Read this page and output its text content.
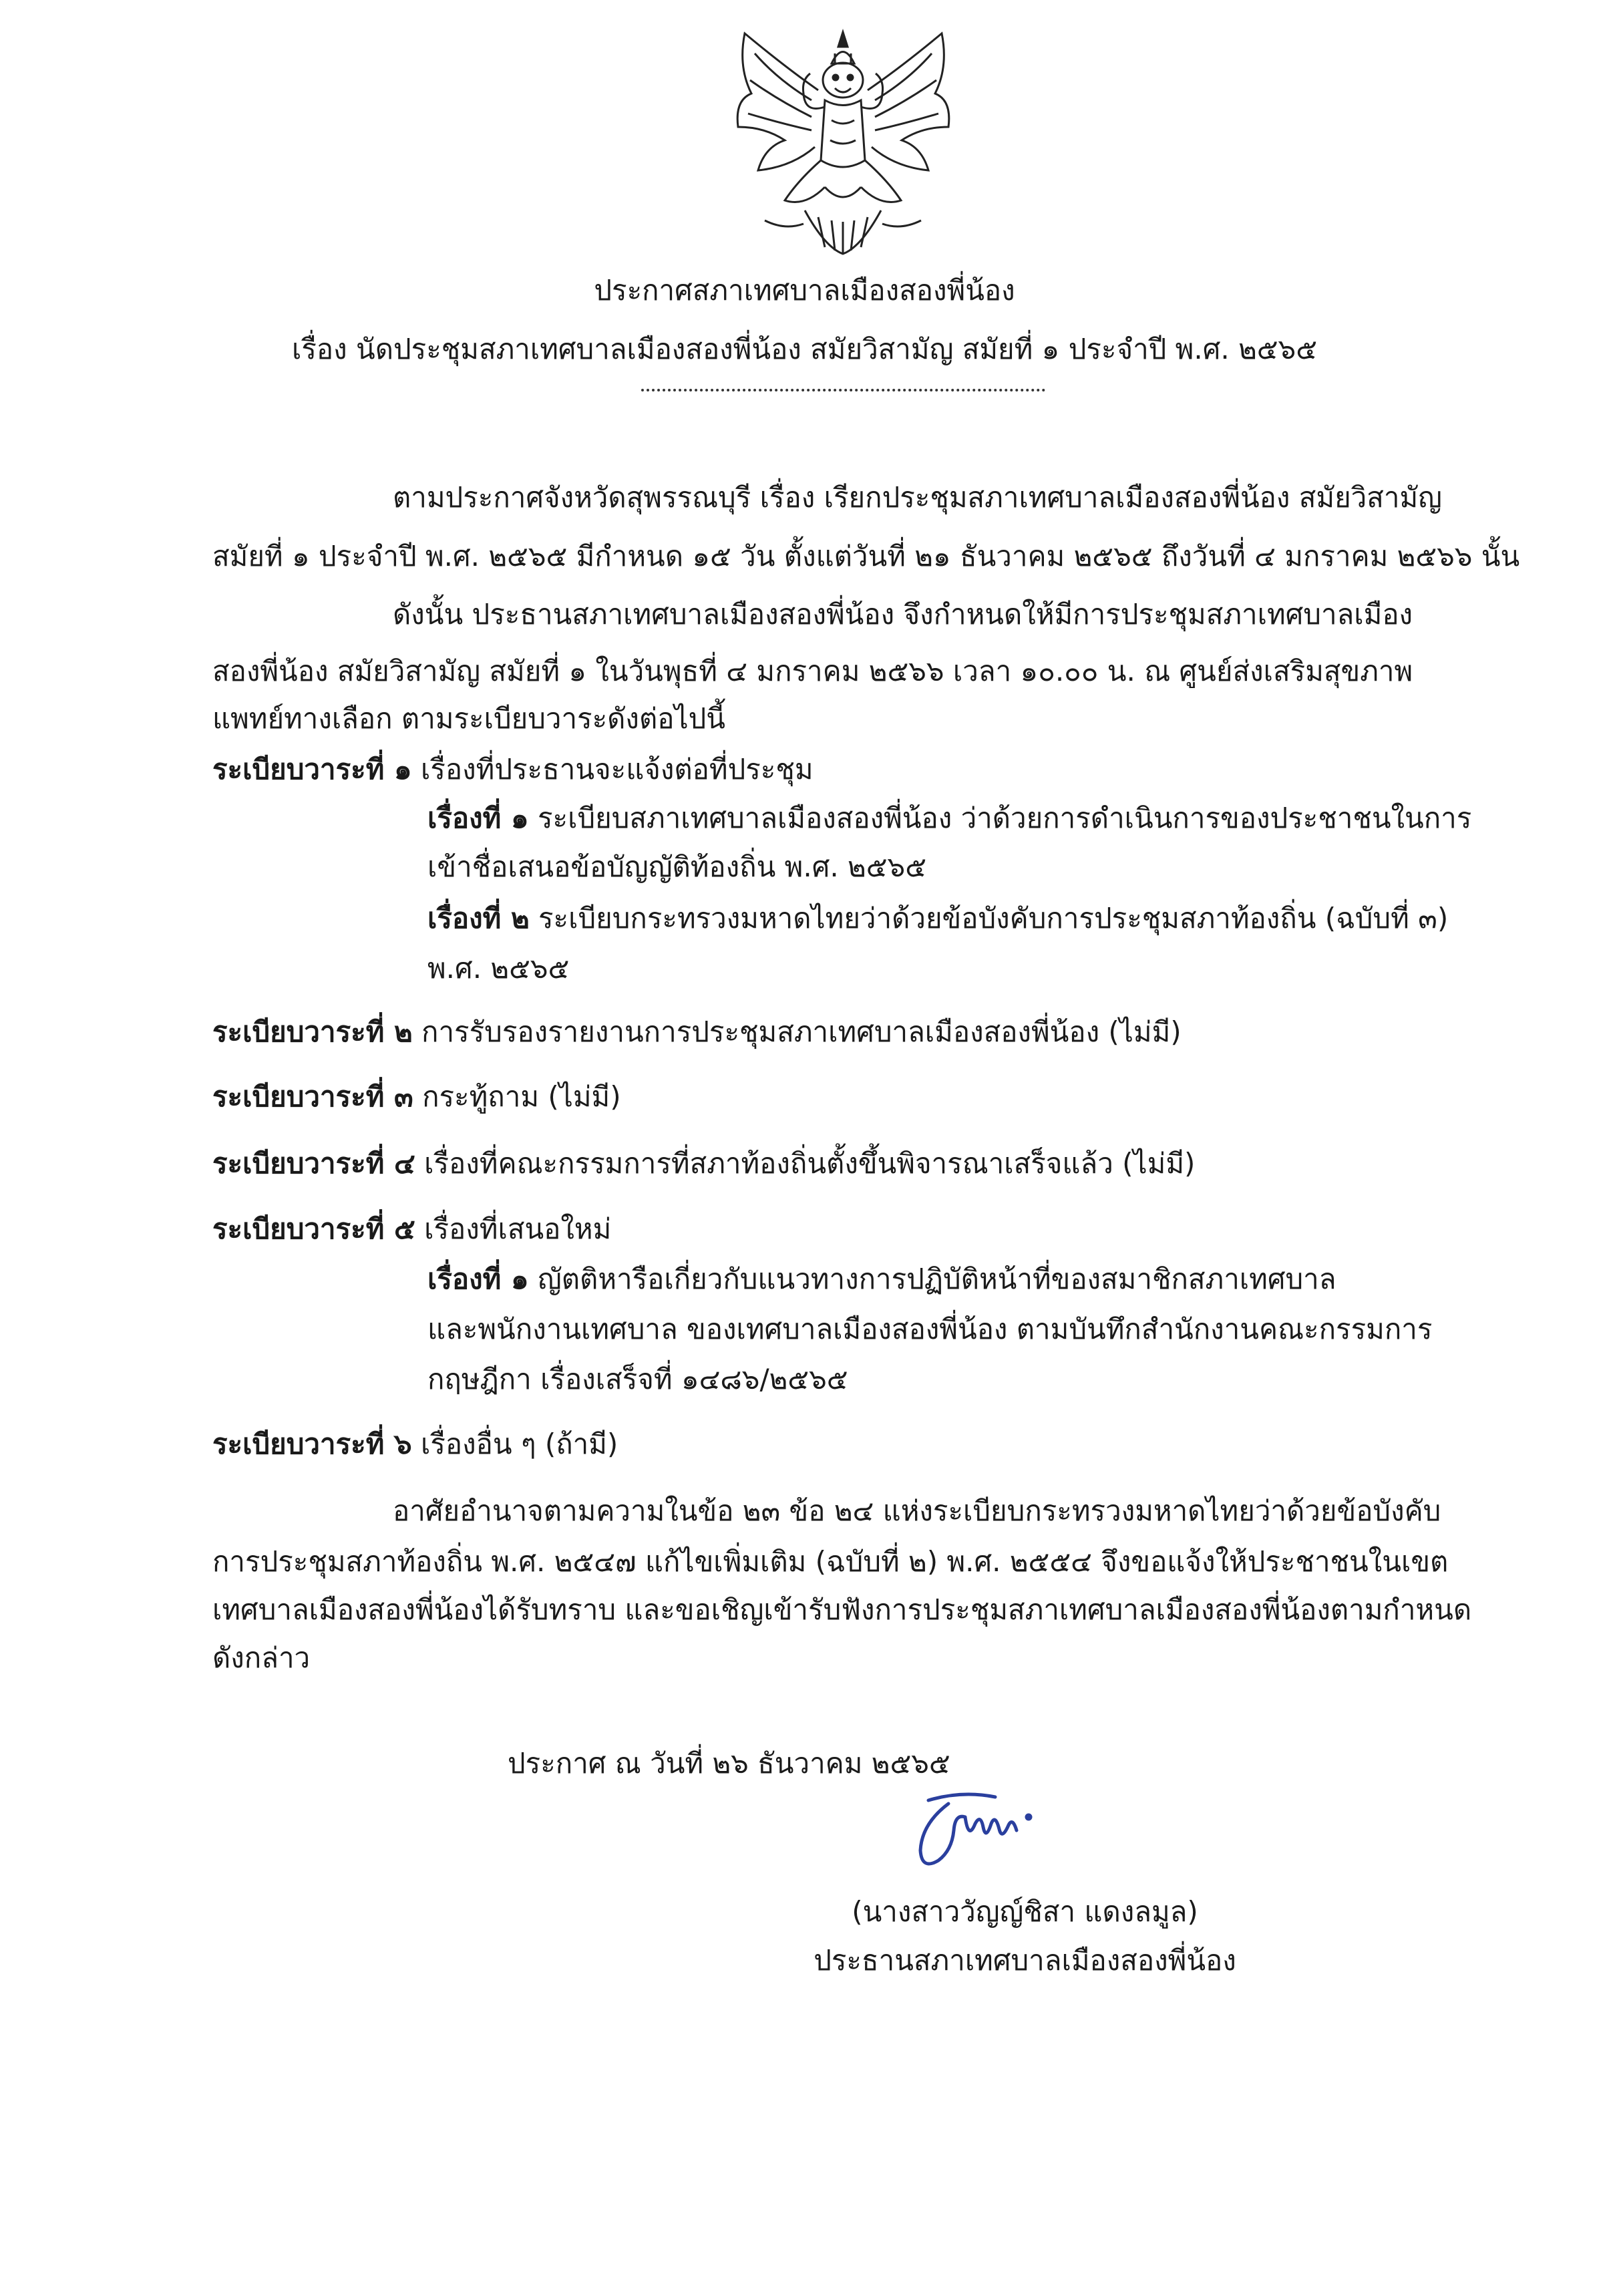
ประกาศสภาเทศบาลเมืองสองพี่น้อง
เรื่อง นัดประชุมสภาเทศบาลเมืองสองพี่น้อง สมัยวิสามัญ สมัยที่ ๑ ประจำปี พ.ศ. ๒๕๖๕
ตามประกาศจังหวัดสุพรรณบุรี เรื่อง เรียกประชุมสภาเทศบาลเมืองสองพี่น้อง สมัยวิสามัญ
สมัยที่ ๑ ประจำปี พ.ศ. ๒๕๖๕ มีกำหนด ๑๕ วัน ตั้งแต่วันที่ ๒๑ ธันวาคม ๒๕๖๕ ถึงวันที่ ๔ มกราคม ๒๕๖๖ นั้น
ดังนั้น ประธานสภาเทศบาลเมืองสองพี่น้อง จึงกำหนดให้มีการประชุมสภาเทศบาลเมือง
สองพี่น้อง สมัยวิสามัญ สมัยที่ ๑ ในวันพุธที่ ๔ มกราคม ๒๕๖๖ เวลา ๑๐.๐๐ น. ณ ศูนย์ส่งเสริมสุขภาพ
แพทย์ทางเลือก ตามระเบียบวาระดังต่อไปนี้
ระเบียบวาระที่ ๑ เรื่องที่ประธานจะแจ้งต่อที่ประชุม
เรื่องที่ ๑ ระเบียบสภาเทศบาลเมืองสองพี่น้อง ว่าด้วยการดำเนินการของประชาชนในการ
เข้าชื่อเสนอข้อบัญญัติท้องถิ่น พ.ศ. ๒๕๖๕
เรื่องที่ ๒ ระเบียบกระทรวงมหาดไทยว่าด้วยข้อบังคับการประชุมสภาท้องถิ่น (ฉบับที่ ๓)
พ.ศ. ๒๕๖๕
ระเบียบวาระที่ ๒ การรับรองรายงานการประชุมสภาเทศบาลเมืองสองพี่น้อง (ไม่มี)
ระเบียบวาระที่ ๓ กระทู้ถาม (ไม่มี)
ระเบียบวาระที่ ๔ เรื่องที่คณะกรรมการที่สภาท้องถิ่นตั้งขึ้นพิจารณาเสร็จแล้ว (ไม่มี)
ระเบียบวาระที่ ๕ เรื่องที่เสนอใหม่
เรื่องที่ ๑ ญัตติหารือเกี่ยวกับแนวทางการปฏิบัติหน้าที่ของสมาชิกสภาเทศบาล
และพนักงานเทศบาล ของเทศบาลเมืองสองพี่น้อง ตามบันทึกสำนักงานคณะกรรมการ
กฤษฎีกา เรื่องเสร็จที่ ๑๔๘๖/๒๕๖๕
ระเบียบวาระที่ ๖ เรื่องอื่น ๆ (ถ้ามี)
อาศัยอำนาจตามความในข้อ ๒๓ ข้อ ๒๔ แห่งระเบียบกระทรวงมหาดไทยว่าด้วยข้อบังคับ
การประชุมสภาท้องถิ่น พ.ศ. ๒๕๔๗ แก้ไขเพิ่มเติม (ฉบับที่ ๒) พ.ศ. ๒๕๕๔ จึงขอแจ้งให้ประชาชนในเขต
เทศบาลเมืองสองพี่น้องได้รับทราบ และขอเชิญเข้ารับฟังการประชุมสภาเทศบาลเมืองสองพี่น้องตามกำหนด
ดังกล่าว
ประกาศ ณ วันที่ ๒๖ ธันวาคม ๒๕๖๕
(นางสาววัญญ์ชิสา แดงลมูล)
ประธานสภาเทศบาลเมืองสองพี่น้อง
